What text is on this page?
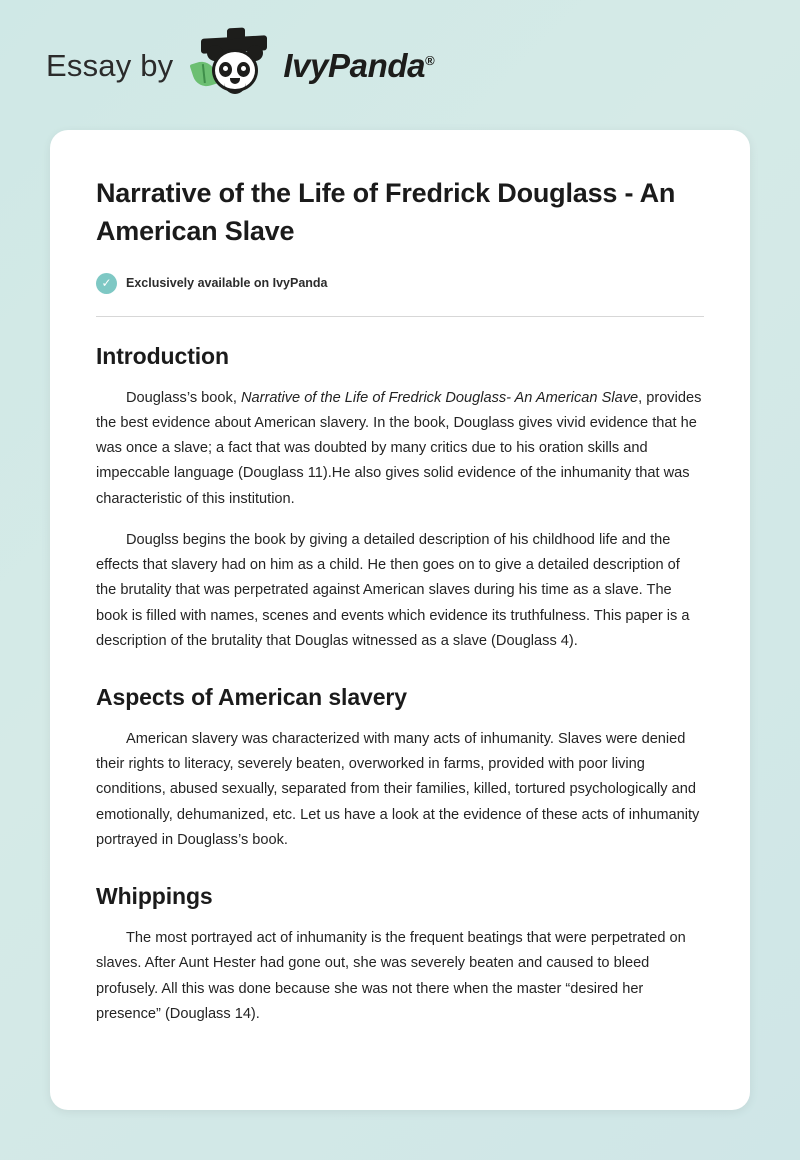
Essay by	IvyPanda®
Narrative of the Life of Fredrick Douglass - An American Slave
✓	Exclusively available on IvyPanda
Introduction

Douglass’s book, Narrative of the Life of Fredrick Douglass- An American Slave, provides the best evidence about American slavery. In the book, Douglass gives vivid evidence that he was once a slave; a fact that was doubted by many critics due to his oration skills and impeccable language (Douglass 11).He also gives solid evidence of the inhumanity that was characteristic of this institution.

Douglss begins the book by giving a detailed description of his childhood life and the effects that slavery had on him as a child. He then goes on to give a detailed description of the brutality that was perpetrated against American slaves during his time as a slave. The book is filled with names, scenes and events which evidence its truthfulness. This paper is a description of the brutality that Douglas witnessed as a slave (Douglass 4).

Aspects of American slavery

American slavery was characterized with many acts of inhumanity. Slaves were denied their rights to literacy, severely beaten, overworked in farms, provided with poor living conditions, abused sexually, separated from their families, killed, tortured psychologically and emotionally, dehumanized, etc. Let us have a look at the evidence of these acts of inhumanity portrayed in Douglass’s book.

Whippings

The most portrayed act of inhumanity is the frequent beatings that were perpetrated on slaves. After Aunt Hester had gone out, she was severely beaten and caused to bleed profusely. All this was done because she was not there when the master “desired her presence” (Douglass 14).
